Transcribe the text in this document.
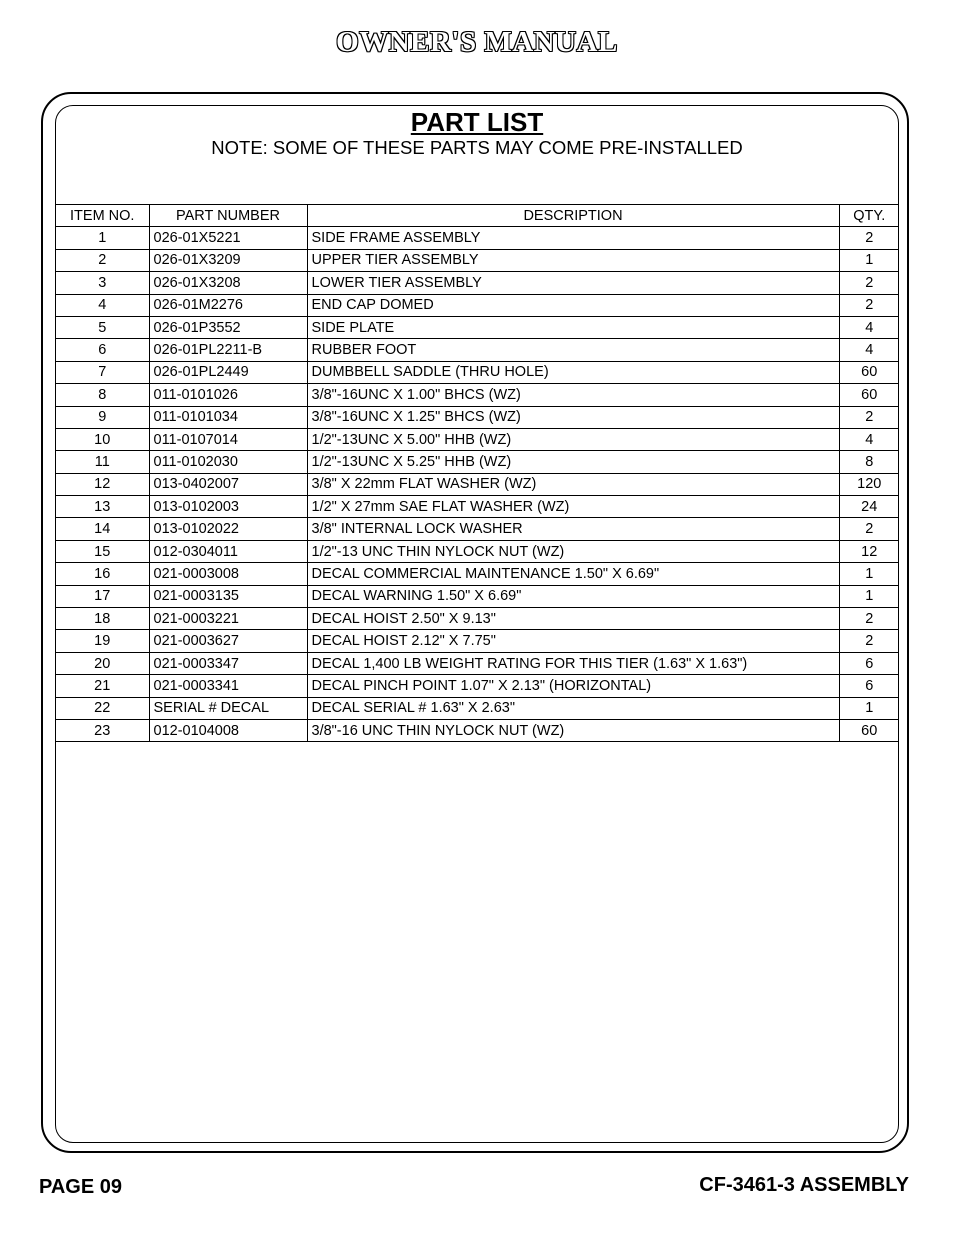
OWNER'S MANUAL
PART LIST
NOTE: SOME OF THESE PARTS MAY COME PRE-INSTALLED
ITEM NO.	PART NUMBER	DESCRIPTION	QTY.
1	026-01X5221	SIDE FRAME ASSEMBLY	2
2	026-01X3209	UPPER TIER ASSEMBLY	1
3	026-01X3208	LOWER TIER ASSEMBLY	2
4	026-01M2276	END CAP DOMED	2
5	026-01P3552	SIDE PLATE	4
6	026-01PL2211-B	RUBBER FOOT	4
7	026-01PL2449	DUMBBELL SADDLE (THRU HOLE)	60
8	011-0101026	3/8"-16UNC X 1.00" BHCS (WZ)	60
9	011-0101034	3/8"-16UNC X 1.25" BHCS (WZ)	2
10	011-0107014	1/2"-13UNC X 5.00" HHB (WZ)	4
11	011-0102030	1/2"-13UNC X 5.25" HHB (WZ)	8
12	013-0402007	3/8" X 22mm FLAT WASHER (WZ)	120
13	013-0102003	1/2" X 27mm SAE FLAT WASHER (WZ)	24
14	013-0102022	3/8" INTERNAL LOCK WASHER	2
15	012-0304011	1/2"-13 UNC THIN NYLOCK NUT (WZ)	12
16	021-0003008	DECAL COMMERCIAL MAINTENANCE 1.50" X 6.69"	1
17	021-0003135	DECAL WARNING 1.50" X 6.69"	1
18	021-0003221	DECAL HOIST 2.50" X 9.13"	2
19	021-0003627	DECAL HOIST 2.12" X 7.75"	2
20	021-0003347	DECAL 1,400 LB WEIGHT RATING FOR THIS TIER (1.63" X 1.63")	6
21	021-0003341	DECAL PINCH POINT 1.07" X 2.13" (HORIZONTAL)	6
22	SERIAL # DECAL	DECAL SERIAL # 1.63" X 2.63"	1
23	012-0104008	3/8"-16 UNC THIN NYLOCK NUT (WZ)	60
PAGE 09	CF-3461-3 ASSEMBLY
